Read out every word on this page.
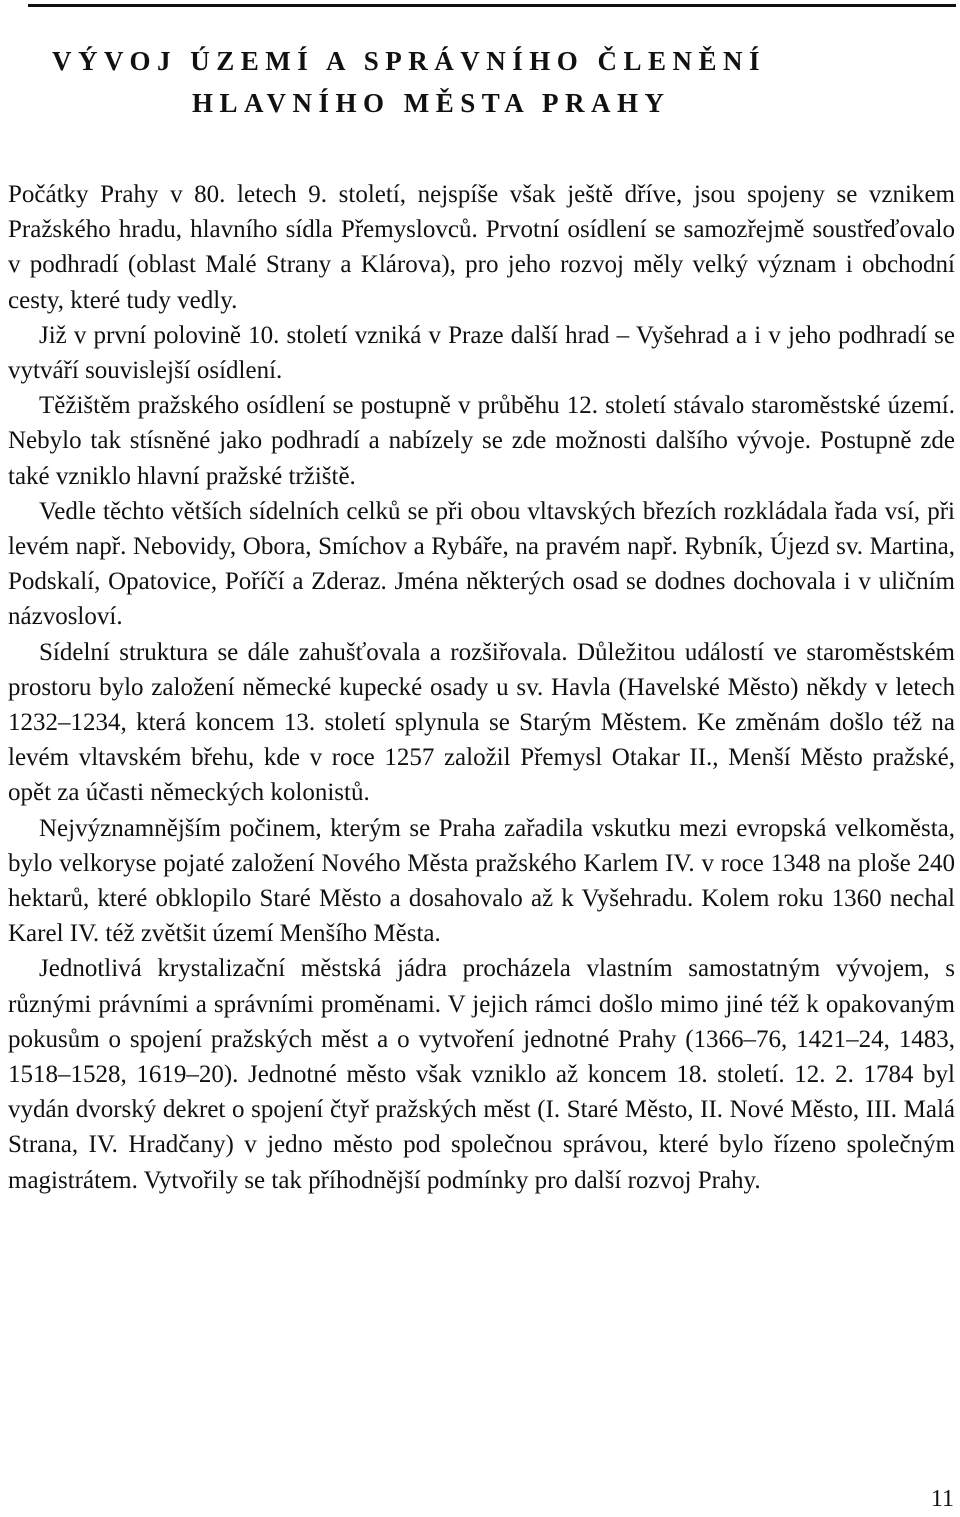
VÝVOJ ÚZEMÍ A SPRÁVNÍHO ČLENĚNÍ
HLAVNÍHO MĚSTA PRAHY

Počátky Prahy v 80. letech 9. století, nejspíše však ještě dříve, jsou spojeny se vznikem Pražského hradu, hlavního sídla Přemyslovců. Prvotní osídlení se samozřejmě soustřeďovalo v podhradí (oblast Malé Strany a Klárova), pro jeho rozvoj měly velký význam i obchodní cesty, které tudy vedly.

Již v první polovině 10. století vzniká v Praze další hrad – Vyšehrad a i v jeho podhradí se vytváří souvislejší osídlení.

Těžištěm pražského osídlení se postupně v průběhu 12. století stávalo staroměstské území. Nebylo tak stísněné jako podhradí a nabízely se zde možnosti dalšího vývoje. Postupně zde také vzniklo hlavní pražské tržiště.

Vedle těchto větších sídelních celků se při obou vltavských březích rozkládala řada vsí, při levém např. Nebovidy, Obora, Smíchov a Rybáře, na pravém např. Rybník, Újezd sv. Martina, Podskalí, Opatovice, Poříčí a Zderaz. Jména některých osad se dodnes dochovala i v uličním názvosloví.

Sídelní struktura se dále zahušťovala a rozšiřovala. Důležitou událostí ve staroměstském prostoru bylo založení německé kupecké osady u sv. Havla (Havelské Město) někdy v letech 1232–1234, která koncem 13. století splynula se Starým Městem. Ke změnám došlo též na levém vltavském břehu, kde v roce 1257 založil Přemysl Otakar II., Menší Město pražské, opět za účasti německých kolonistů.

Nejvýznamnějším počinem, kterým se Praha zařadila vskutku mezi evropská velkoměsta, bylo velkoryse pojaté založení Nového Města pražského Karlem IV. v roce 1348 na ploše 240 hektarů, které obklopilo Staré Město a dosahovalo až k Vyšehradu. Kolem roku 1360 nechal Karel IV. též zvětšit území Menšího Města.

Jednotlivá krystalizační městská jádra procházela vlastním samostatným vývojem, s různými právními a správními proměnami. V jejich rámci došlo mimo jiné též k opakovaným pokusům o spojení pražských měst a o vytvoření jednotné Prahy (1366–76, 1421–24, 1483, 1518–1528, 1619–20). Jednotné město však vzniklo až koncem 18. století. 12. 2. 1784 byl vydán dvorský dekret o spojení čtyř pražských měst (I. Staré Město, II. Nové Město, III. Malá Strana, IV. Hradčany) v jedno město pod společnou správou, které bylo řízeno společným magistrátem. Vytvořily se tak příhodnější podmínky pro další rozvoj Prahy.

11
